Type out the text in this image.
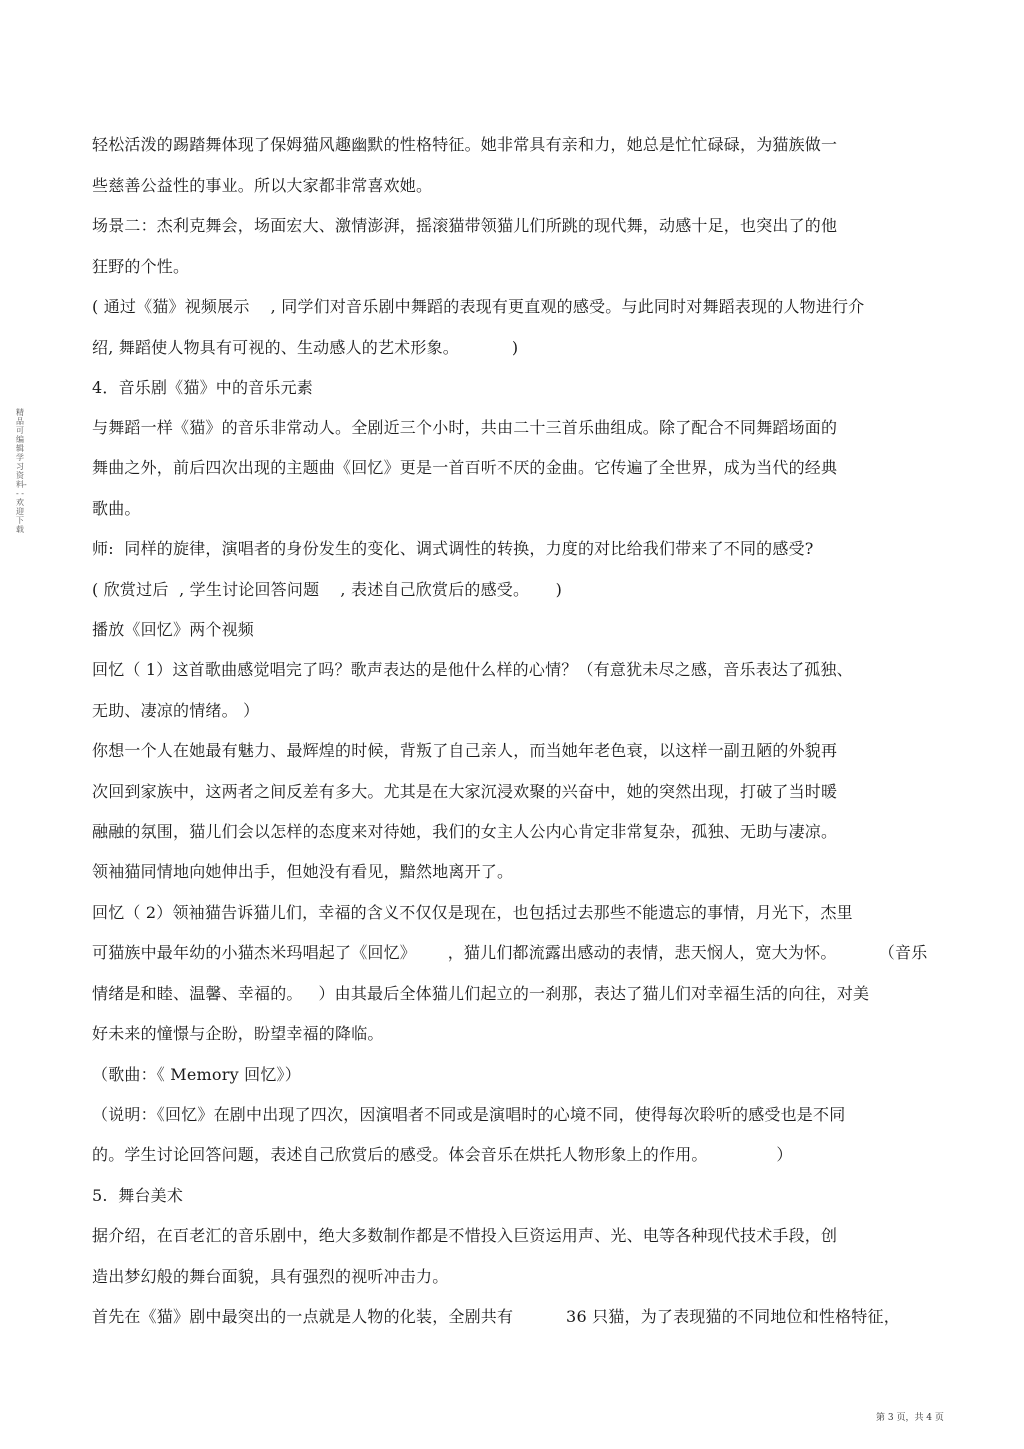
精品可编辑学习资料- - - 欢迎下载
轻松活泼的踢踏舞体现了保姆猫风趣幽默的性格特征。她非常具有亲和力，她总是忙忙碌碌，为猫族做一
些慈善公益性的事业。所以大家都非常喜欢她。
场景二：杰利克舞会，场面宏大、激情澎湃，摇滚猫带领猫儿们所跳的现代舞，动感十足，也突出了的他
狂野的个性。
( 通过《猫》视频展示    , 同学们对音乐剧中舞蹈的表现有更直观的感受。与此同时对舞蹈表现的人物进行介
绍, 舞蹈使人物具有可视的、生动感人的艺术形象。          )
4．音乐剧《猫》中的音乐元素
与舞蹈一样《猫》的音乐非常动人。全剧近三个小时，共由二十三首乐曲组成。除了配合不同舞蹈场面的
舞曲之外，前后四次出现的主题曲《回忆》更是一首百听不厌的金曲。它传遍了全世界，成为当代的经典
歌曲。
师:  同样的旋律，演唱者的身份发生的变化、调式调性的转换，力度的对比给我们带来了不同的感受?
( 欣赏过后  , 学生讨论回答问题    , 表述自己欣赏后的感受。     )
播放《回忆》两个视频
回忆（ 1）这首歌曲感觉唱完了吗？歌声表达的是他什么样的心情？（有意犹未尽之感，音乐表达了孤独、
无助、凄凉的情绪。 ）
你想一个人在她最有魅力、最辉煌的时候，背叛了自己亲人，而当她年老色衰，以这样一副丑陋的外貌再
次回到家族中，这两者之间反差有多大。尤其是在大家沉浸欢聚的兴奋中，她的突然出现，打破了当时暖
融融的氛围，猫儿们会以怎样的态度来对待她，我们的女主人公内心肯定非常复杂，孤独、无助与凄凉。
领袖猫同情地向她伸出手，但她没有看见，黯然地离开了。
回忆（ 2）领袖猫告诉猫儿们，幸福的含义不仅仅是现在，也包括过去那些不能遗忘的事情，月光下，杰里
可猫族中最年幼的小猫杰米玛唱起了《回忆》      ，猫儿们都流露出感动的表情，悲天悯人，宽大为怀。        （音乐
情绪是和睦、温馨、幸福的。   ）由其最后全体猫儿们起立的一刹那，表达了猫儿们对幸福生活的向往，对美
好未来的憧憬与企盼，盼望幸福的降临。
（歌曲：《 Memory 回忆》）
（说明：《回忆》在剧中出现了四次，因演唱者不同或是演唱时的心境不同，使得每次聆听的感受也是不同
的。学生讨论回答问题，表述自己欣赏后的感受。体会音乐在烘托人物形象上的作用。             ）
5.  舞台美术
据介绍，在百老汇的音乐剧中，绝大多数制作都是不惜投入巨资运用声、光、电等各种现代技术手段，创
造出梦幻般的舞台面貌，具有强烈的视听冲击力。
首先在《猫》剧中最突出的一点就是人物的化装，全剧共有          36 只猫，为了表现猫的不同地位和性格特征，
第 3 页，共 4 页
